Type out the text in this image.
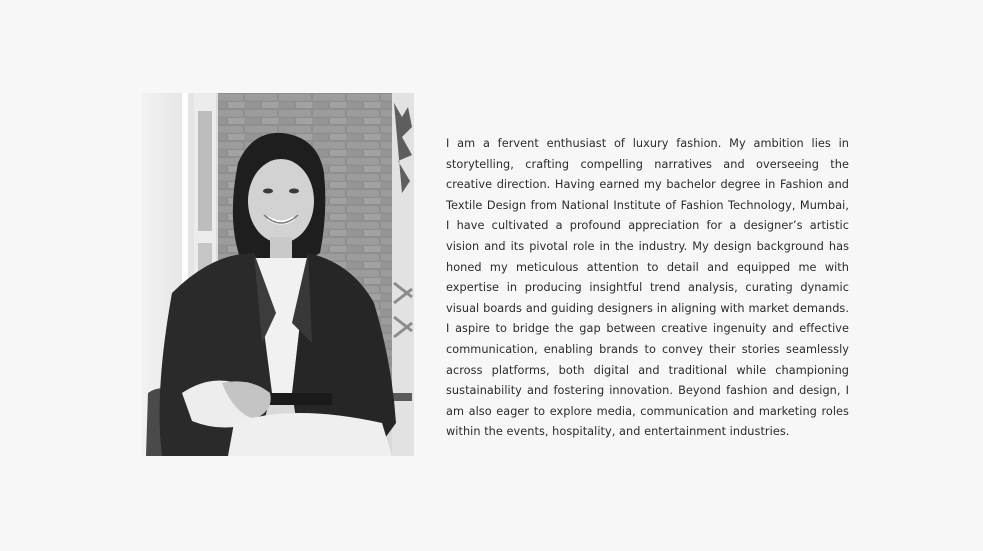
I am a fervent enthusiast of luxury fashion. My ambition lies in storytelling, crafting compelling narratives and overseeing the creative direction. Having earned my bachelor degree in Fashion and Textile Design from National Institute of Fashion Technology, Mumbai, I have cultivated a profound appreciation for a designer’s artistic vision and its pivotal role in the industry. My design background has honed my meticulous attention to detail and equipped me with expertise in producing insightful trend analysis, curating dynamic visual boards and guiding designers in aligning with market demands. I aspire to bridge the gap between creative ingenuity and effective communication, enabling brands to convey their stories seamlessly across platforms, both digital and traditional while championing sustainability and fostering innovation. Beyond fashion and design, I am also eager to explore media, communication and marketing roles within the events, hospitality, and entertainment industries.
